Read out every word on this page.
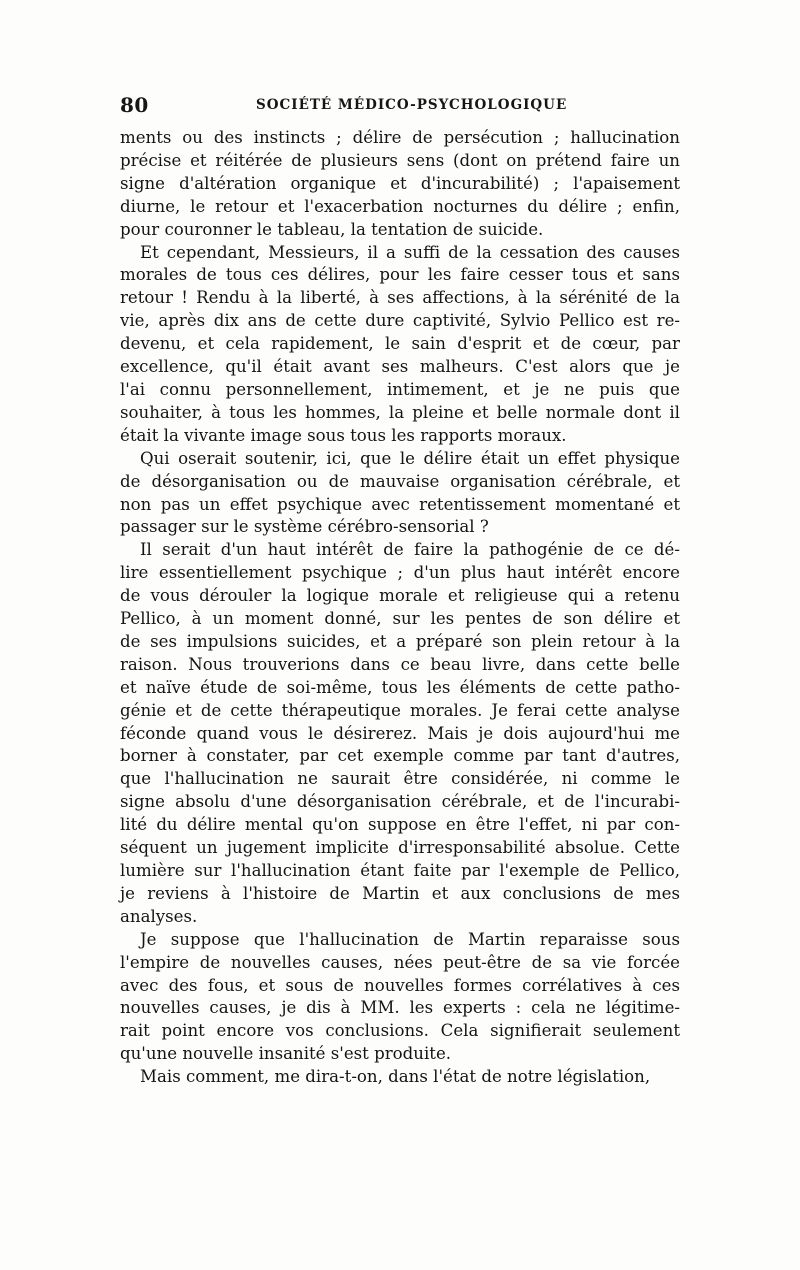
80	SOCIÉTÉ MÉDICO-PSYCHOLOGIQUE
ments ou des instincts ; délire de persécution ; hallucination
précise et réitérée de plusieurs sens (dont on prétend faire un
signe d'altération organique et d'incurabilité) ; l'apaisement
diurne, le retour et l'exacerbation nocturnes du délire ; enfin,
pour couronner le tableau, la tentation de suicide.
Et cependant, Messieurs, il a suffi de la cessation des causes
morales de tous ces délires, pour les faire cesser tous et sans
retour ! Rendu à la liberté, à ses affections, à la sérénité de la
vie, après dix ans de cette dure captivité, Sylvio Pellico est re-
devenu, et cela rapidement, le sain d'esprit et de cœur, par
excellence, qu'il était avant ses malheurs. C'est alors que je
l'ai connu personnellement, intimement, et je ne puis que
souhaiter, à tous les hommes, la pleine et belle normale dont il
était la vivante image sous tous les rapports moraux.
Qui oserait soutenir, ici, que le délire était un effet physique
de désorganisation ou de mauvaise organisation cérébrale, et
non pas un effet psychique avec retentissement momentané et
passager sur le système cérébro-sensorial ?
Il serait d'un haut intérêt de faire la pathogénie de ce dé-
lire essentiellement psychique ; d'un plus haut intérêt encore
de vous dérouler la logique morale et religieuse qui a retenu
Pellico, à un moment donné, sur les pentes de son délire et
de ses impulsions suicides, et a préparé son plein retour à la
raison. Nous trouverions dans ce beau livre, dans cette belle
et naïve étude de soi-même, tous les éléments de cette patho-
génie et de cette thérapeutique morales. Je ferai cette analyse
féconde quand vous le désirerez. Mais je dois aujourd'hui me
borner à constater, par cet exemple comme par tant d'autres,
que l'hallucination ne saurait être considérée, ni comme le
signe absolu d'une désorganisation cérébrale, et de l'incurabi-
lité du délire mental qu'on suppose en être l'effet, ni par con-
séquent un jugement implicite d'irresponsabilité absolue. Cette
lumière sur l'hallucination étant faite par l'exemple de Pellico,
je reviens à l'histoire de Martin et aux conclusions de mes
analyses.
Je suppose que l'hallucination de Martin reparaisse sous
l'empire de nouvelles causes, nées peut-être de sa vie forcée
avec des fous, et sous de nouvelles formes corrélatives à ces
nouvelles causes, je dis à MM. les experts : cela ne légitime-
rait point encore vos conclusions. Cela signifierait seulement
qu'une nouvelle insanité s'est produite.
Mais comment, me dira-t-on, dans l'état de notre législation,
